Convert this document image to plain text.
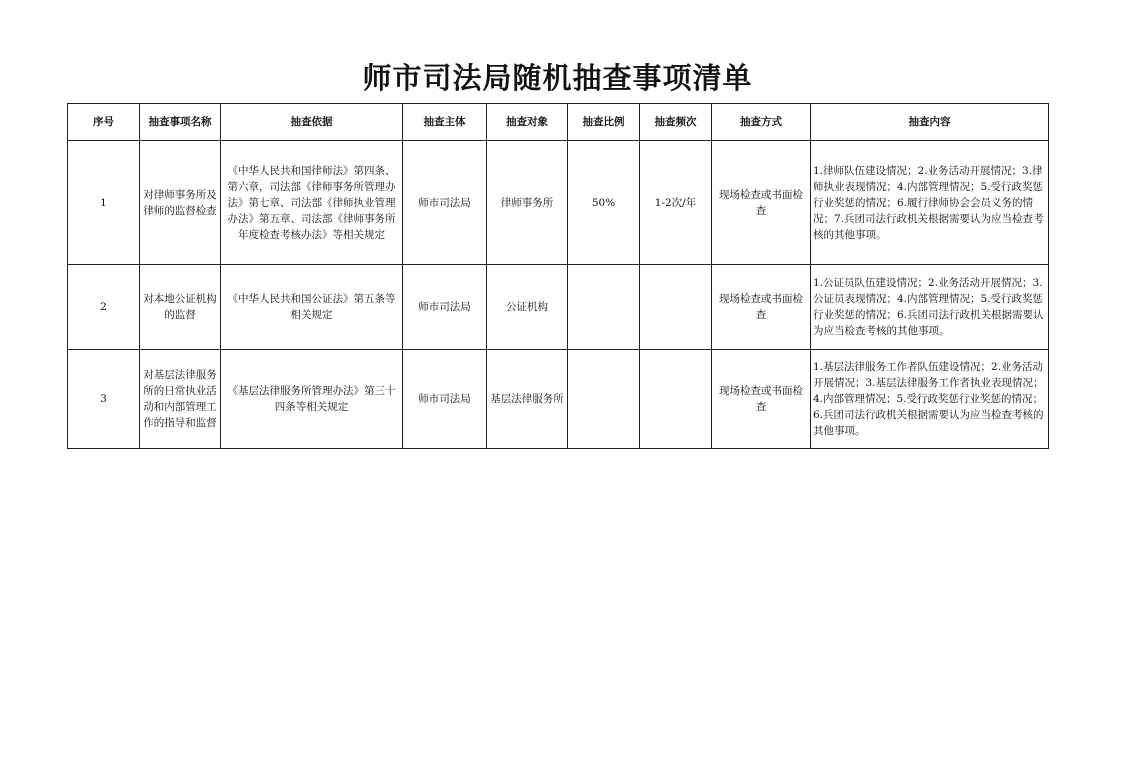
师市司法局随机抽查事项清单
序号	抽查事项名称	抽查依据	抽查主体	抽查对象	抽查比例	抽查频次	抽查方式	抽查内容
1	对律师事务所及律师的监督检查	《中华人民共和国律师法》第四条、第六章，司法部《律师事务所管理办法》第七章、司法部《律师执业管理办法》第五章、司法部《律师事务所年度检查考核办法》等相关规定	师市司法局	律师事务所	50%	1-2次/年	现场检查或书面检查	1.律师队伍建设情况；2.业务活动开展情况；3.律师执业表现情况；4.内部管理情况；5.受行政奖惩行业奖惩的情况；6.履行律师协会会员义务的情况；7.兵团司法行政机关根据需要认为应当检查考核的其他事项。
2	对本地公证机构的监督	《中华人民共和国公证法》第五条等相关规定	师市司法局	公证机构			现场检查或书面检查	1.公证员队伍建设情况；2.业务活动开展情况；3.公证员表现情况；4.内部管理情况；5.受行政奖惩行业奖惩的情况；6.兵团司法行政机关根据需要认为应当检查考核的其他事项。
3	对基层法律服务所的日常执业活动和内部管理工作的指导和监督	《基层法律服务所管理办法》第三十四条等相关规定	师市司法局	基层法律服务所			现场检查或书面检查	1.基层法律服务工作者队伍建设情况；2.业务活动开展情况；3.基层法律服务工作者执业表现情况；4.内部管理情况；5.受行政奖惩行业奖惩的情况；6.兵团司法行政机关根据需要认为应当检查考核的其他事项。
